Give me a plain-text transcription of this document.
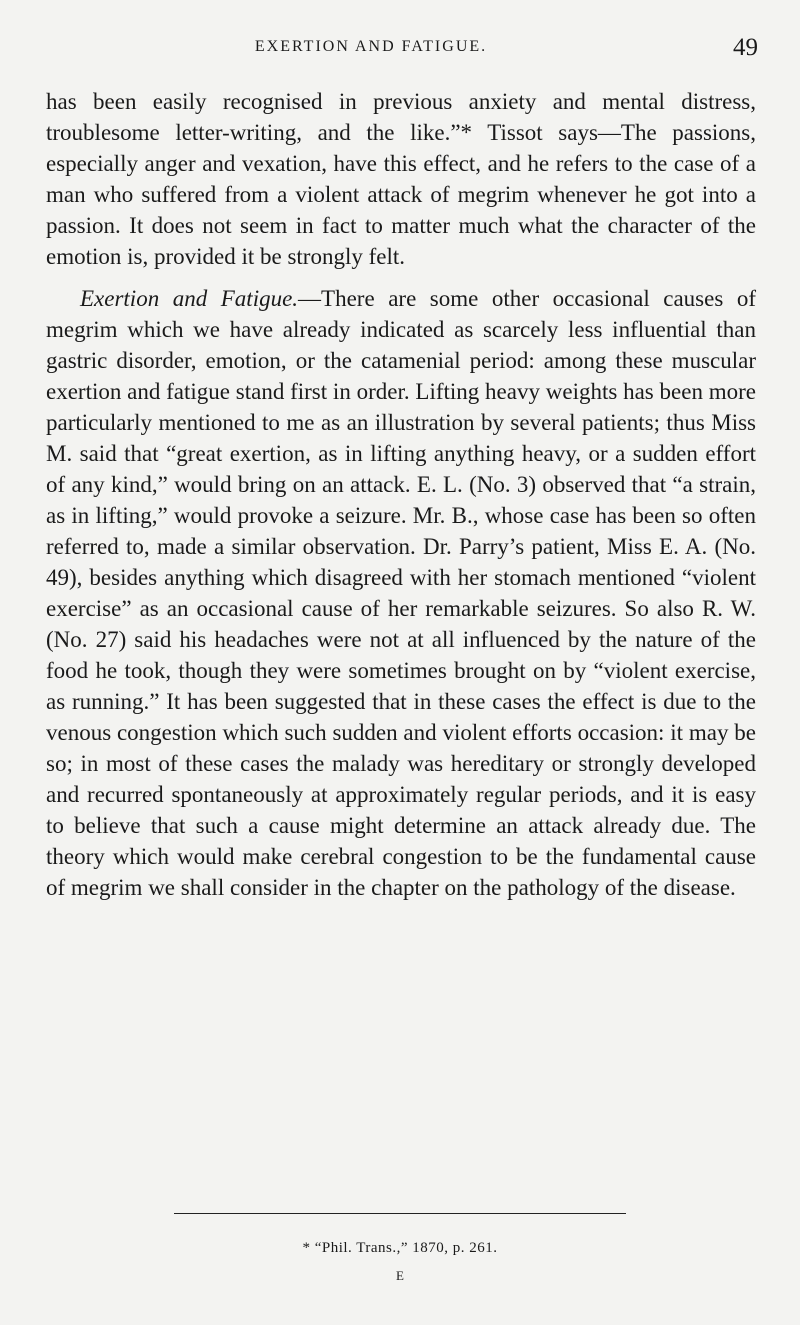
EXERTION AND FATIGUE.	49

has been easily recognised in previous anxiety and mental distress, troublesome letter-writing, and the like.”* Tissot says—The passions, especially anger and vexation, have this effect, and he refers to the case of a man who suffered from a violent attack of megrim whenever he got into a passion. It does not seem in fact to matter much what the character of the emotion is, provided it be strongly felt.

Exertion and Fatigue.—There are some other occasional causes of megrim which we have already indicated as scarcely less influential than gastric disorder, emotion, or the catamenial period: among these muscular exertion and fatigue stand first in order. Lifting heavy weights has been more particularly mentioned to me as an illustration by several patients; thus Miss M. said that “great exertion, as in lifting anything heavy, or a sudden effort of any kind,” would bring on an attack. E. L. (No. 3) observed that “a strain, as in lifting,” would provoke a seizure. Mr. B., whose case has been so often referred to, made a similar observation. Dr. Parry’s patient, Miss E. A. (No. 49), besides anything which disagreed with her stomach mentioned “violent exercise” as an occasional cause of her remarkable seizures. So also R. W. (No. 27) said his headaches were not at all influenced by the nature of the food he took, though they were sometimes brought on by “violent exercise, as running.” It has been suggested that in these cases the effect is due to the venous congestion which such sudden and violent efforts occasion: it may be so; in most of these cases the malady was hereditary or strongly developed and recurred spontaneously at approximately regular periods, and it is easy to believe that such a cause might determine an attack already due. The theory which would make cerebral congestion to be the fundamental cause of megrim we shall consider in the chapter on the pathology of the disease.

* “Phil. Trans.,” 1870, p. 261.
E
